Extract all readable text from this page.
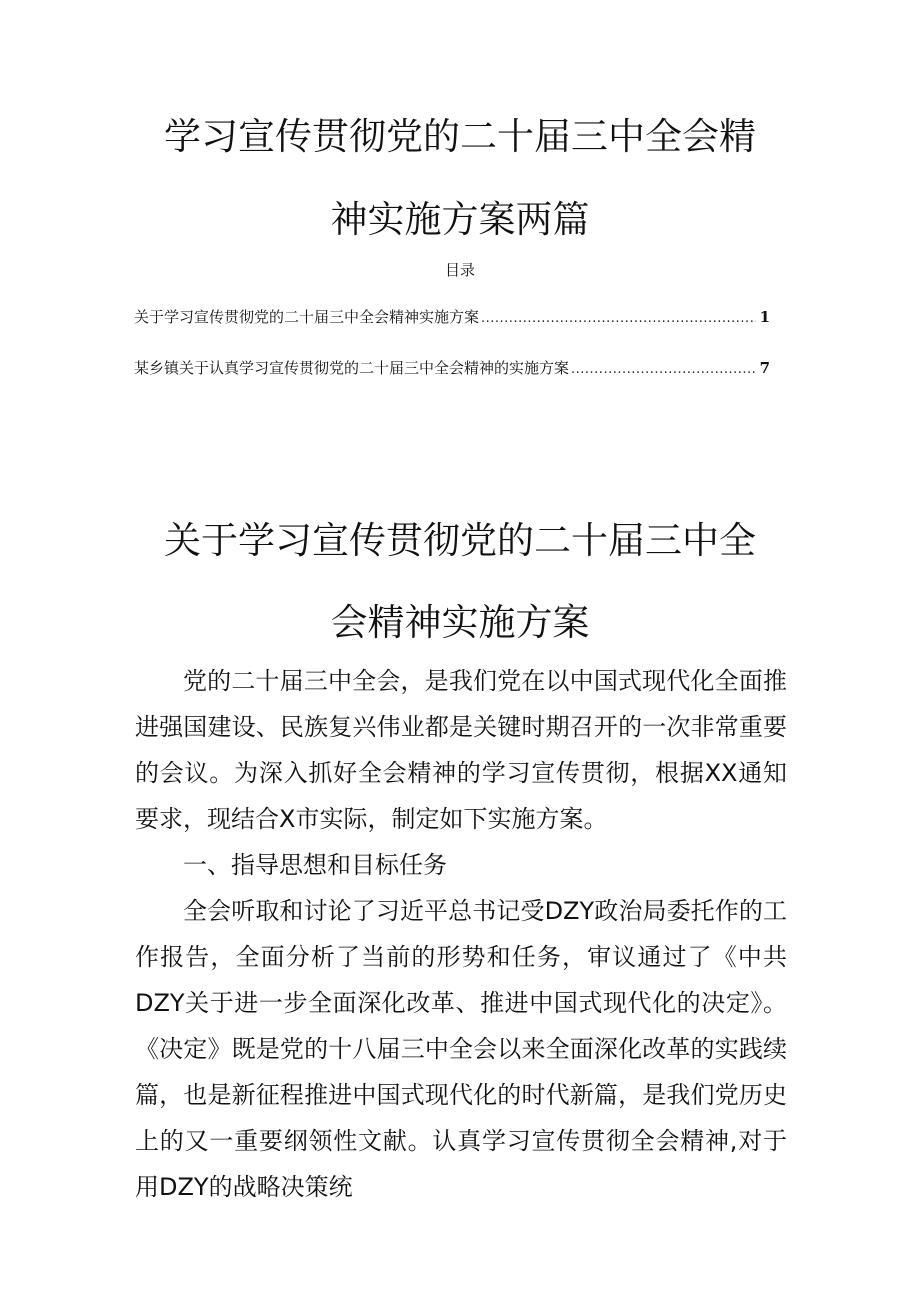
学习宣传贯彻党的二十届三中全会精
神实施方案两篇
目录
关于学习宣传贯彻党的二十届三中全会精神实施方案 .....	1
某乡镇关于认真学习宣传贯彻党的二十届三中全会精神的实施方案 .....	7
关于学习宣传贯彻党的二十届三中全
会精神实施方案

党的二十届三中全会，是我们党在以中国式现代化全面推进强国建设、民族复兴伟业都是关键时期召开的一次非常重要的会议。为深入抓好全会精神的学习宣传贯彻，根据XX通知要求，现结合X市实际，制定如下实施方案。

一、指导思想和目标任务

全会听取和讨论了习近平总书记受DZY政治局委托作的工作报告，全面分析了当前的形势和任务，审议通过了《中共DZY关于进一步全面深化改革、推进中国式现代化的决定》。《决定》既是党的十八届三中全会以来全面深化改革的实践续篇，也是新征程推进中国式现代化的时代新篇，是我们党历史上的又一重要纲领性文献。认真学习宣传贯彻全会精神,对于用DZY的战略决策统
